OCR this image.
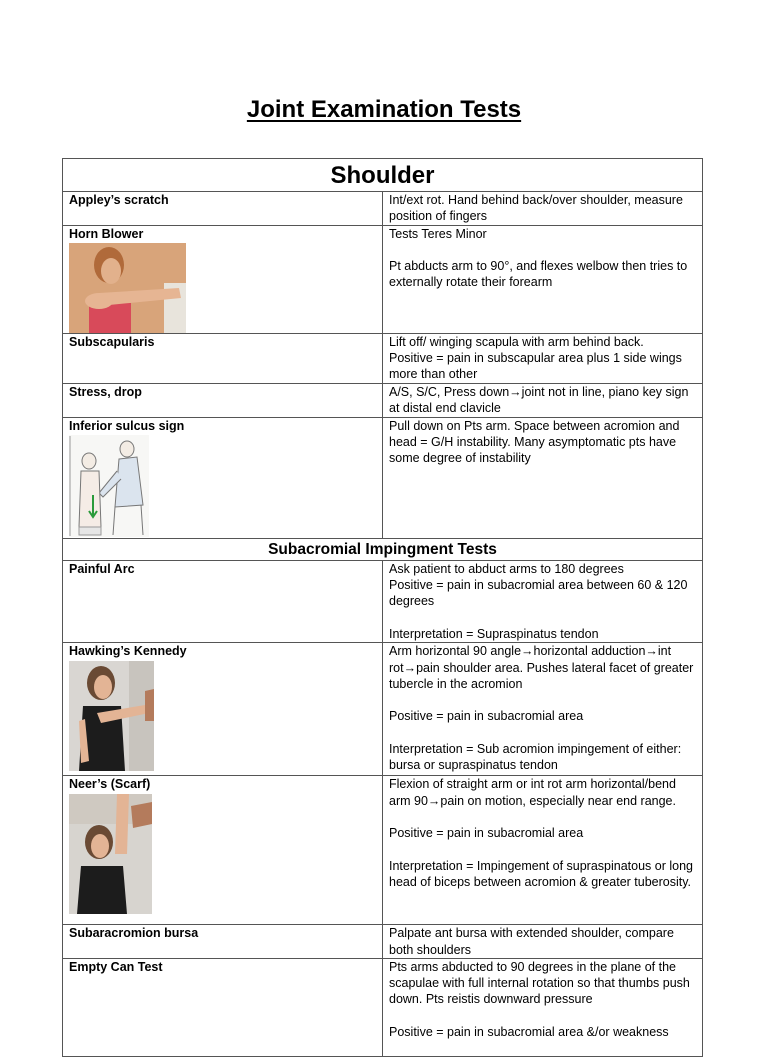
Joint Examination Tests
Shoulder	
Appley’s scratch	Int/ext rot. Hand behind back/over shoulder, measure position of fingers

Horn Blower	Tests Teres Minor
Pt abducts arm to 90°, and flexes welbow then tries to externally rotate their forearm

Subscapularis	Lift off/ winging scapula with arm behind back.
Positive = pain in subscapular area plus 1 side wings more than other

Stress, drop	A/S, S/C, Press down→joint not in line, piano key sign at distal end clavicle

Inferior sulcus sign	Pull down on Pts arm. Space between acromion and head = G/H instability. Many asymptomatic pts have some degree of instability

Subacromial Impingment Tests	
Painful Arc	Ask patient to abduct arms to 180 degrees
Positive = pain in subacromial area between 60 & 120 degrees
Interpretation = Supraspinatus tendon

Hawking’s Kennedy	Arm horizontal 90 angle→horizontal adduction→int rot→pain shoulder area. Pushes lateral facet of greater tubercle in the acromion
Positive = pain in subacromial area
Interpretation = Sub acromion impingement of either: bursa or supraspinatus tendon

Neer’s (Scarf)	Flexion of straight arm or int rot arm horizontal/bend arm 90→pain on motion, especially near end range.
Positive = pain in subacromial area
Interpretation = Impingement of supraspinatous or long head of biceps between acromion & greater tuberosity.

Subaracromion bursa	Palpate ant bursa with extended shoulder, compare both shoulders

Empty Can Test	Pts arms abducted to 90 degrees in the plane of the scapulae with full internal rotation so that thumbs push down. Pts reistis downward pressure
Positive = pain in subacromial area &/or weakness
